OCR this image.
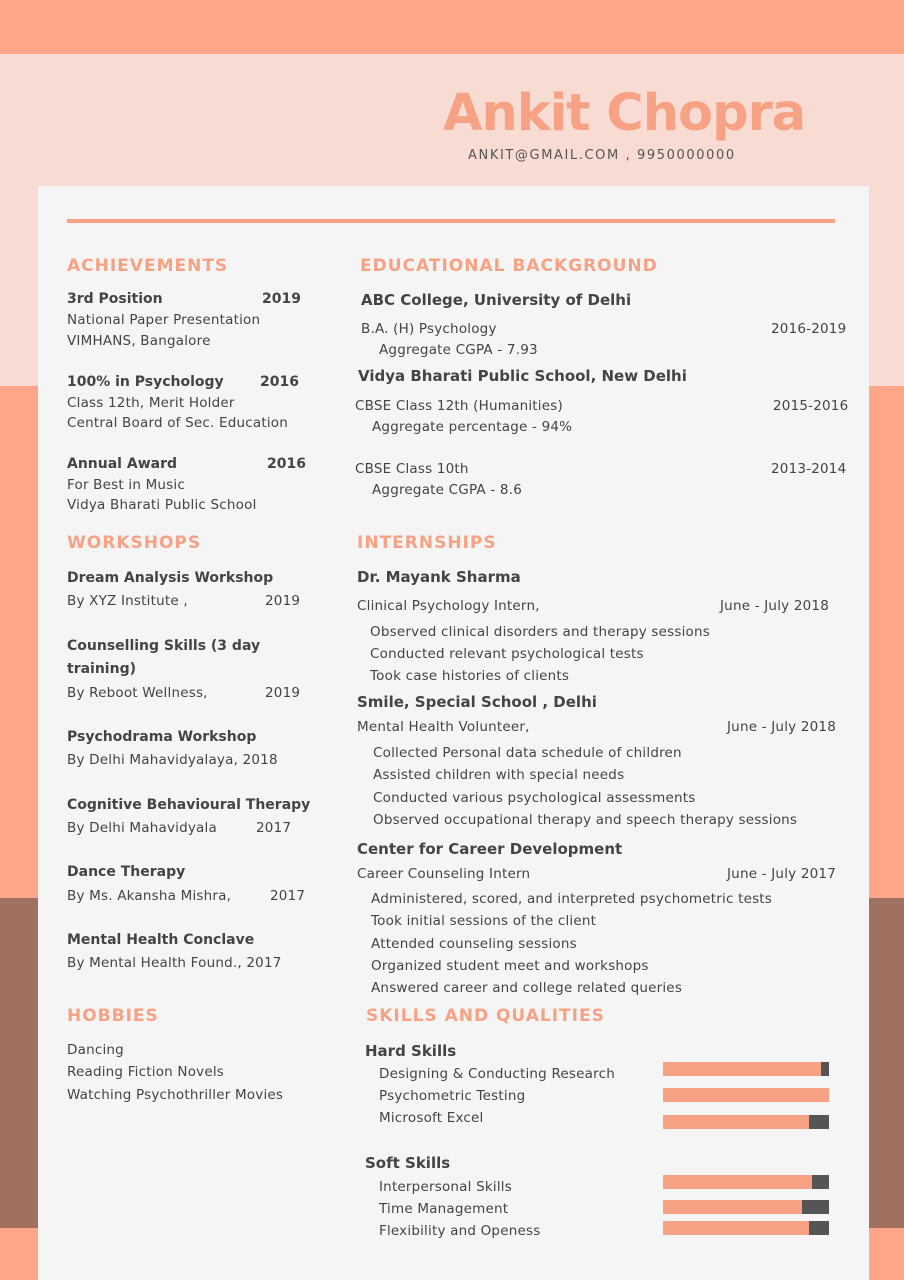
Ankit Chopra
ANKIT@GMAIL.COM , 9950000000
ACHIEVEMENTS
3rd Position	2019
National Paper Presentation
VIMHANS, Bangalore
100% in Psychology	2016
Class 12th, Merit Holder
Central Board of Sec. Education
Annual Award	2016
For Best in Music
Vidya Bharati Public School
EDUCATIONAL BACKGROUND
ABC College, University of Delhi
B.A. (H) Psychology	2016-2019
Aggregate CGPA - 7.93
Vidya Bharati Public School, New Delhi
CBSE Class 12th (Humanities)	2015-2016
Aggregate percentage - 94%
CBSE Class 10th	2013-2014
Aggregate CGPA - 8.6
WORKSHOPS
Dream Analysis Workshop
By XYZ Institute ,	2019
Counselling Skills (3 day
training)
By Reboot Wellness,	2019
Psychodrama Workshop
By Delhi Mahavidyalaya, 2018
Cognitive Behavioural Therapy
By Delhi Mahavidyala	2017
Dance Therapy
By Ms. Akansha Mishra,	2017
Mental Health Conclave
By Mental Health Found., 2017
INTERNSHIPS
Dr. Mayank Sharma
Clinical Psychology Intern,	June - July 2018
Observed clinical disorders and therapy sessions
Conducted relevant psychological tests
Took case histories of clients
Smile, Special School , Delhi
Mental Health Volunteer,	June - July 2018
Collected Personal data schedule of children
Assisted children with special needs
Conducted various psychological assessments
Observed occupational therapy and speech therapy sessions
Center for Career Development
Career Counseling Intern	June - July 2017
Administered, scored, and interpreted psychometric tests
Took initial sessions of the client
Attended counseling sessions
Organized student meet and workshops
Answered career and college related queries
HOBBIES
Dancing
Reading Fiction Novels
Watching Psychothriller Movies
SKILLS AND QUALITIES
Hard Skills
Designing & Conducting Research
Psychometric Testing
Microsoft Excel
Soft Skills
Interpersonal Skills
Time Management
Flexibility and Openess
